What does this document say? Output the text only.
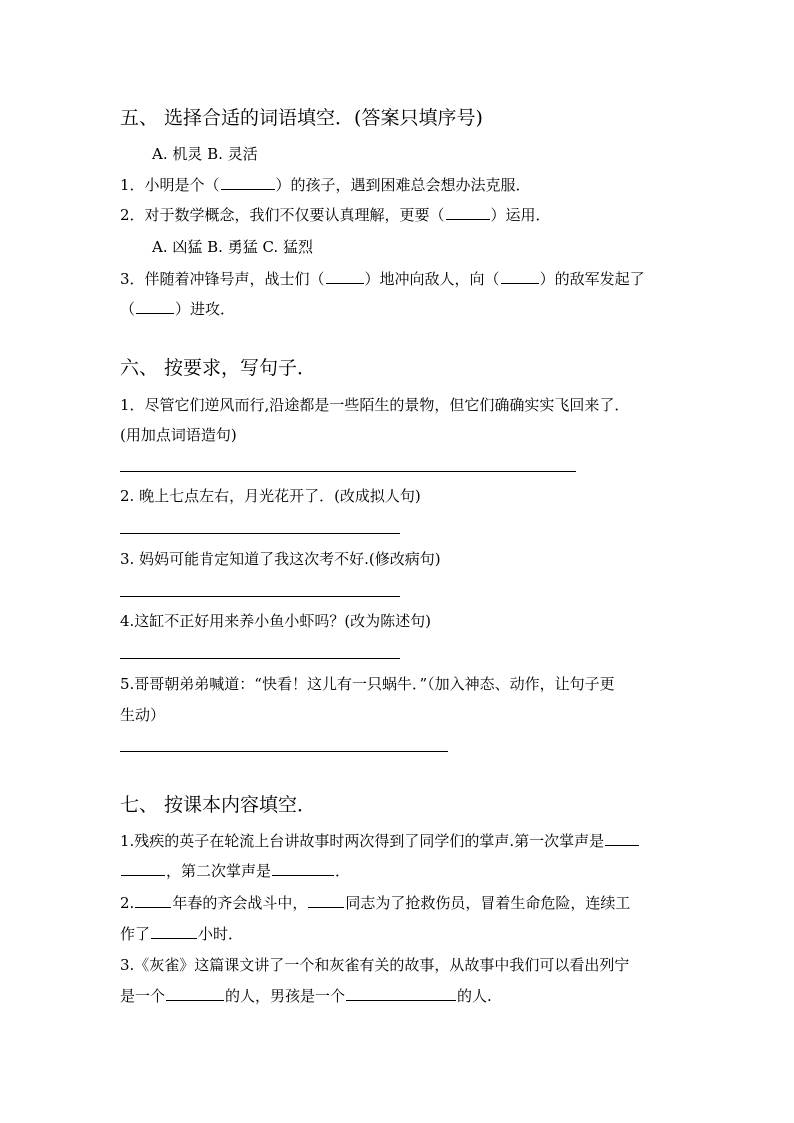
五、 选择合适的词语填空．(答案只填序号)
A. 机灵 B. 灵活
1．小明是个（	）的孩子，遇到困难总会想办法克服．
2．对于数学概念，我们不仅要认真理解，更要（	）运用．
A. 凶猛 B. 勇猛 C. 猛烈
3．伴随着冲锋号声，战士们（	）地冲向敌人，向（	）的敌军发起了
（	）进攻．
六、 按要求，写句子．
1．尽管它们逆风而行,沿途都是一些陌生的景物，但它们确确实实飞回来了．
(用加点词语造句)
2. 晚上七点左右，月光花开了．(改成拟人句)
3. 妈妈可能肯定知道了我这次考不好.(修改病句)
4.这缸不正好用来养小鱼小虾吗？(改为陈述句)
5.哥哥朝弟弟喊道：“快看！这儿有一只蜗牛．”（加入神态、动作，让句子更
生动）
七、 按课本内容填空．
1.残疾的英子在轮流上台讲故事时两次得到了同学们的掌声.第一次掌声是
，第二次掌声是	．
2.	年春的齐会战斗中，	同志为了抢救伤员，冒着生命危险，连续工
作了	小时．
3.《灰雀》这篇课文讲了一个和灰雀有关的故事，从故事中我们可以看出列宁
是一个	的人，男孩是一个	的人.
